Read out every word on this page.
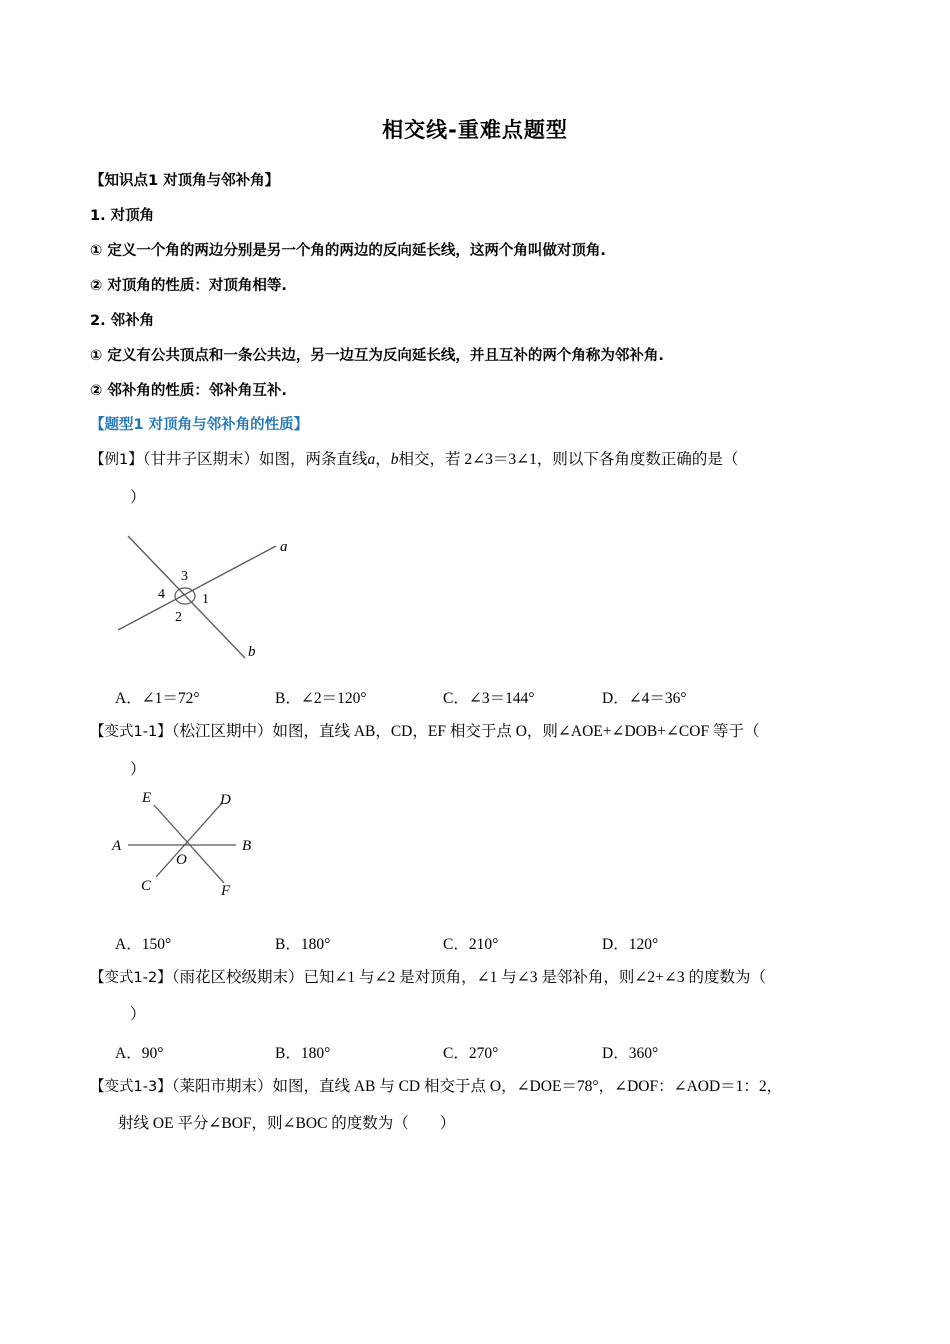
相交线-重难点题型
【知识点1 对顶角与邻补角】
1. 对顶角
① 定义一个角的两边分别是另一个角的两边的反向延长线，这两个角叫做对顶角.
② 对顶角的性质：对顶角相等.
2. 邻补角
① 定义有公共顶点和一条公共边，另一边互为反向延长线，并且互补的两个角称为邻补角.
② 邻补角的性质：邻补角互补.
【题型1 对顶角与邻补角的性质】
【例1】（甘井子区期末）如图，两条直线a，b相交，若 2∠3＝3∠1，则以下各角度数正确的是（
）
a
b
3
4	1
2
A．∠1＝72°	B．∠2＝120°	C．∠3＝144°	D．∠4＝36°
【变式1-1】（松江区期中）如图，直线 AB，CD，EF 相交于点 O，则∠AOE+∠DOB+∠COF 等于（
）
E	D
A	B
O
C	F
A．150°	B．180°	C．210°	D．120°
【变式1-2】（雨花区校级期末）已知∠1 与∠2 是对顶角，∠1 与∠3 是邻补角，则∠2+∠3 的度数为（
）
A．90°	B．180°	C．270°	D．360°
【变式1-3】（莱阳市期末）如图，直线 AB 与 CD 相交于点 O，∠DOE＝78°，∠DOF：∠AOD＝1：2，
射线 OE 平分∠BOF，则∠BOC 的度数为（　　）
